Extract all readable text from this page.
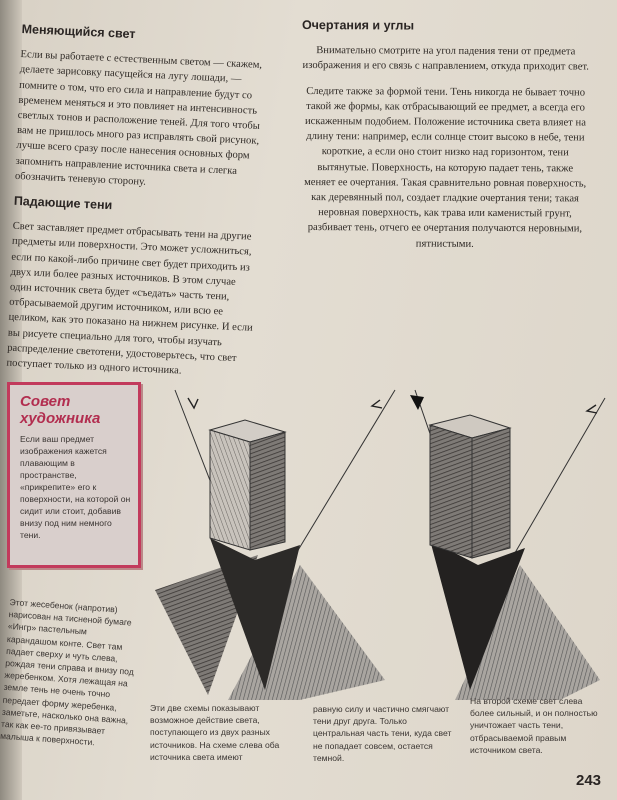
Меняющийся свет

Если вы работаете с естественным светом — скажем, делаете зарисовку пасущейся на лугу лошади, — помните о том, что его сила и направление будут со временем меняться и это повлияет на интенсивность светлых тонов и расположение теней. Для того чтобы вам не пришлось много раз исправлять свой рисунок, лучше всего сразу после нанесения основных форм запомнить направление источника света и слегка обозначить теневую сторону.

Падающие тени

Свет заставляет предмет отбрасывать тени на другие предметы или поверхности. Это может усложниться, если по какой-либо причине свет будет приходить из двух или более разных источников. В этом случае один источник света будет «съедать» часть тени, отбрасываемой другим источником, или всю ее целиком, как это показано на нижнем рисунке. И если вы рисуете специально для того, чтобы изучать распределение светотени, удостоверьтесь, что свет поступает только из одного источника.

Очертания и углы

Внимательно смотрите на угол падения тени от предмета изображения и его связь с направлением, откуда приходит свет.

Следите также за формой тени. Тень никогда не бывает точно такой же формы, как отбрасывающий ее предмет, а всегда его искаженным подобием. Положение источника света влияет на длину тени: например, если солнце стоит высоко в небе, тени короткие, а если оно стоит низко над горизонтом, тени вытянутые. Поверхность, на которую падает тень, также меняет ее очертания. Такая сравнительно ровная поверхность, как деревянный пол, создает гладкие очертания тени; такая неровная поверхность, как трава или каменистый грунт, разбивает тень, отчего ее очертания получаются неровными, пятнистыми.

Совет художника
Если ваш предмет изображения кажется плавающим в пространстве, «прикрепите» его к поверхности, на которой он сидит или стоит, добавив внизу под ним немного тени.
Этот жесебенок (напротив) нарисован на тисненой бумаге «Ингр» пастельным карандашом конте. Свет там падает сверху и чуть слева, рождая тени справа и внизу под жеребенком. Хотя лежащая на земле тень не очень точно передает форму жеребенка, заметьте, насколько она важна, так как ее-то привязывает малыша к поверхности.
Эти две схемы показывают возможное действие света, поступающего из двух разных источников. На схеме слева оба источника света имеют
равную силу и частично смягчают тени друг друга. Только центральная часть тени, куда свет не попадает совсем, остается темной.
На второй схеме свет слева более сильный, и он полностью уничтожает часть тени, отбрасываемой правым источником света.
243
